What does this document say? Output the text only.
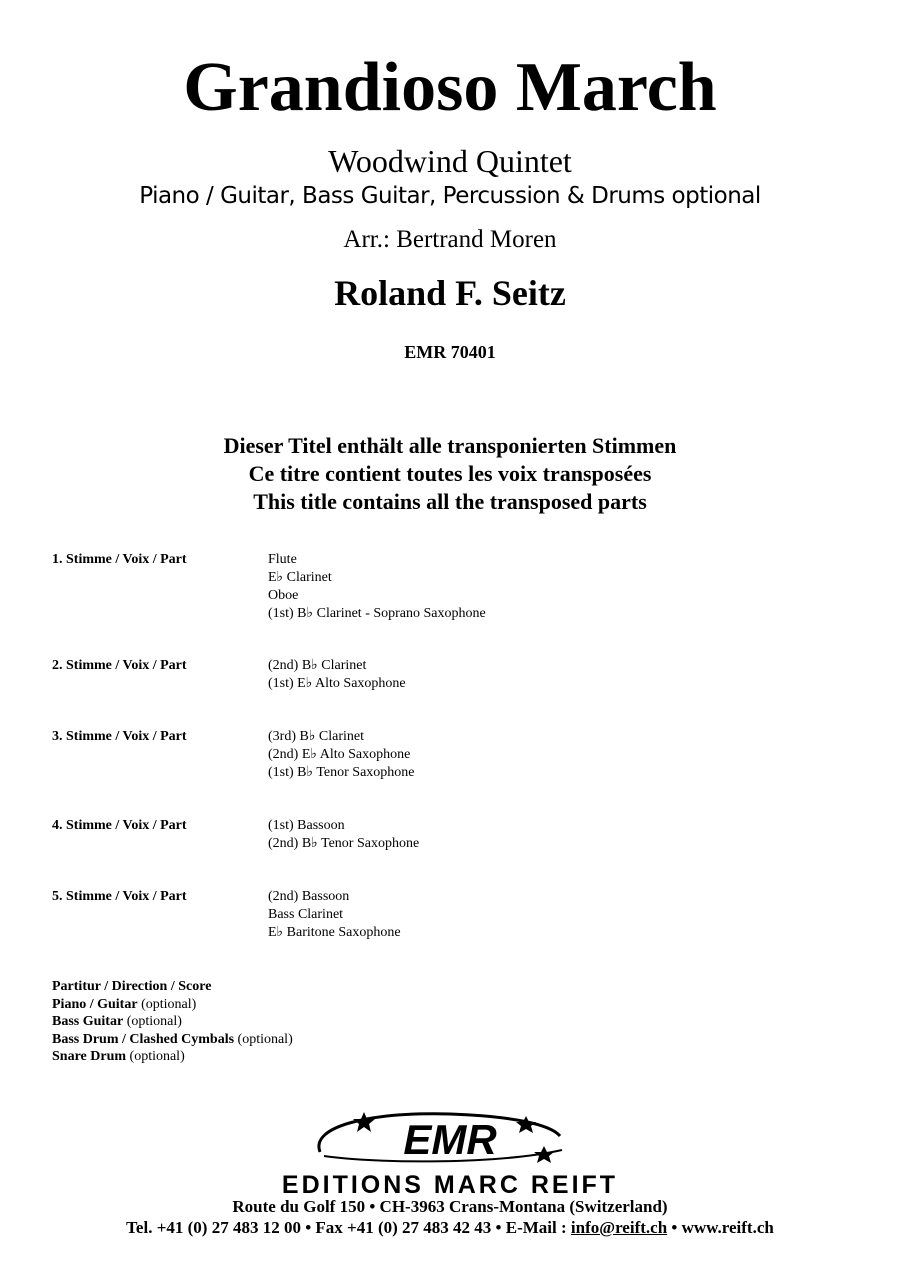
Grandioso March
Woodwind Quintet
Piano / Guitar, Bass Guitar, Percussion & Drums optional
Arr.: Bertrand Moren
Roland F. Seitz
EMR 70401
Dieser Titel enthält alle transponierten Stimmen
Ce titre contient toutes les voix transposées
This title contains all the transposed parts
1. Stimme / Voix / Part	Flute
E♭ Clarinet
Oboe
(1st) B♭ Clarinet - Soprano Saxophone
2. Stimme / Voix / Part	(2nd) B♭ Clarinet
(1st) E♭ Alto Saxophone
3. Stimme / Voix / Part	(3rd) B♭ Clarinet
(2nd) E♭ Alto Saxophone
(1st) B♭ Tenor Saxophone
4. Stimme / Voix / Part	(1st) Bassoon
(2nd) B♭ Tenor Saxophone
5. Stimme / Voix / Part	(2nd) Bassoon
Bass Clarinet
E♭ Baritone Saxophone
Partitur / Direction / Score
Piano / Guitar (optional)
Bass Guitar (optional)
Bass Drum / Clashed Cymbals (optional)
Snare Drum (optional)
EMR
EDITIONS MARC REIFT
Route du Golf 150 • CH-3963 Crans-Montana (Switzerland)
Tel. +41 (0) 27 483 12 00 • Fax +41 (0) 27 483 42 43 • E-Mail : info@reift.ch • www.reift.ch
